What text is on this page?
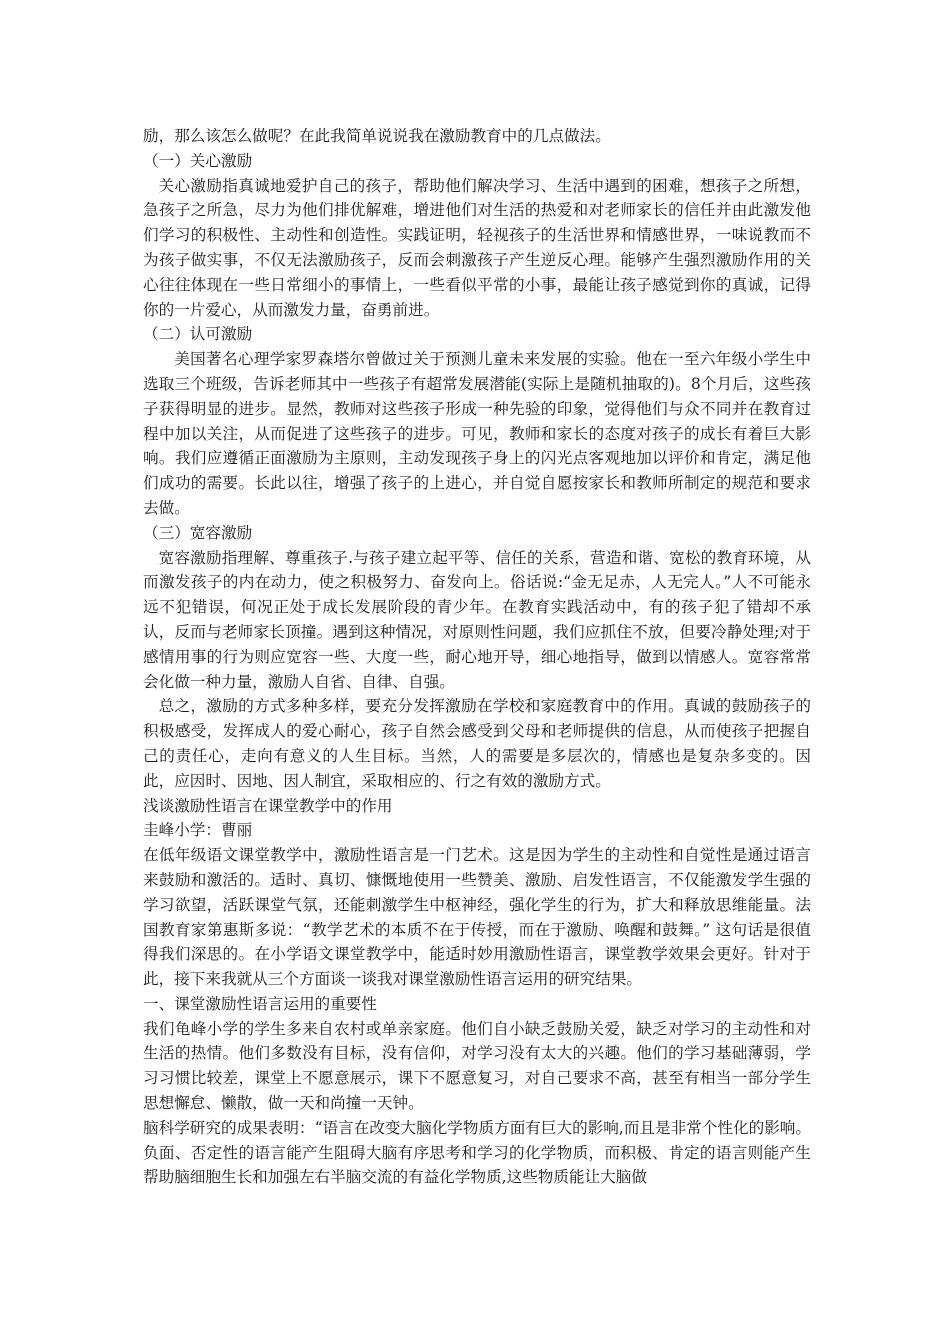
励，那么该怎么做呢？在此我简单说说我在激励教育中的几点做法。

（一）关心激励

关心激励指真诚地爱护自己的孩子，帮助他们解决学习、生活中遇到的困难，想孩子之所想，急孩子之所急，尽力为他们排优解难，增进他们对生活的热爱和对老师家长的信任并由此激发他们学习的积极性、主动性和创造性。实践证明，轻视孩子的生活世界和情感世界，一味说教而不为孩子做实事，不仅无法激励孩子，反而会刺激孩子产生逆反心理。能够产生强烈激励作用的关心往往体现在一些日常细小的事情上，一些看似平常的小事，最能让孩子感觉到你的真诚，记得你的一片爱心，从而激发力量，奋勇前进。

（二）认可激励

美国著名心理学家罗森塔尔曾做过关于预测儿童未来发展的实验。他在一至六年级小学生中选取三个班级，告诉老师其中一些孩子有超常发展潜能(实际上是随机抽取的)。8个月后，这些孩子获得明显的进步。显然，教师对这些孩子形成一种先验的印象，觉得他们与众不同并在教育过程中加以关注，从而促进了这些孩子的进步。可见，教师和家长的态度对孩子的成长有着巨大影响。我们应遵循正面激励为主原则，主动发现孩子身上的闪光点客观地加以评价和肯定，满足他们成功的需要。长此以往，增强了孩子的上进心，并自觉自愿按家长和教师所制定的规范和要求去做。

（三）宽容激励

宽容激励指理解、尊重孩子.与孩子建立起平等、信任的关系，营造和谐、宽松的教育环境，从而激发孩子的内在动力，使之积极努力、奋发向上。俗话说:“金无足赤，人无完人。”人不可能永远不犯错误，何况正处于成长发展阶段的青少年。在教育实践活动中，有的孩子犯了错却不承认，反而与老师家长顶撞。遇到这种情况，对原则性问题，我们应抓住不放，但要冷静处理;对于感情用事的行为则应宽容一些、大度一些，耐心地开导，细心地指导，做到以情感人。宽容常常会化做一种力量，激励人自省、自律、自强。

总之，激励的方式多种多样，要充分发挥激励在学校和家庭教育中的作用。真诚的鼓励孩子的积极感受，发挥成人的爱心耐心，孩子自然会感受到父母和老师提供的信息，从而使孩子把握自己的责任心，走向有意义的人生目标。当然，人的需要是多层次的，情感也是复杂多变的。因此，应因时、因地、因人制宜，采取相应的、行之有效的激励方式。

浅谈激励性语言在课堂教学中的作用

圭峰小学：曹丽

在低年级语文课堂教学中，激励性语言是一门艺术。这是因为学生的主动性和自觉性是通过语言来鼓励和激活的。适时、真切、慷慨地使用一些赞美、激励、启发性语言，不仅能激发学生强的学习欲望，活跃课堂气氛，还能刺激学生中枢神经，强化学生的行为，扩大和释放思维能量。法国教育家第惠斯多说：“教学艺术的本质不在于传授，而在于激励、唤醒和鼓舞。” 这句话是很值得我们深思的。在小学语文课堂教学中，能适时妙用激励性语言，课堂教学效果会更好。针对于此，接下来我就从三个方面谈一谈我对课堂激励性语言运用的研究结果。

一、课堂激励性语言运用的重要性

我们龟峰小学的学生多来自农村或单亲家庭。他们自小缺乏鼓励关爱，缺乏对学习的主动性和对生活的热情。他们多数没有目标，没有信仰，对学习没有太大的兴趣。他们的学习基础薄弱，学习习惯比较差，课堂上不愿意展示，课下不愿意复习，对自己要求不高，甚至有相当一部分学生思想懈怠、懒散，做一天和尚撞一天钟。

脑科学研究的成果表明：“语言在改变大脑化学物质方面有巨大的影响,而且是非常个性化的影响。负面、否定性的语言能产生阻碍大脑有序思考和学习的化学物质，而积极、肯定的语言则能产生帮助脑细胞生长和加强左右半脑交流的有益化学物质,这些物质能让大脑做
